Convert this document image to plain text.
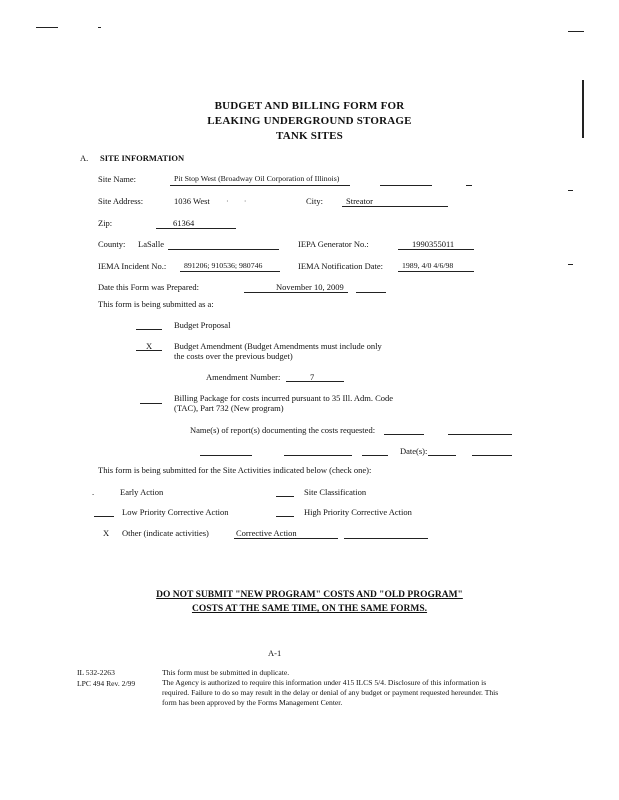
BUDGET AND BILLING FORM FOR
LEAKING UNDERGROUND STORAGE
TANK SITES
A. SITE INFORMATION
Site Name:	Pit Stop West (Broadway Oil Corporation of Illinois)
Site Address:	1036 West ·       ·	City:	Streator
Zip:	61364
County: LaSalle	IEPA Generator No.:	1990355011
IEMA Incident No.: 891206; 910536; 980746	IEMA Notification Date: 1989, 4/0 4/6/98
Date this Form was Prepared:	November 10, 2009
This form is being submitted as a:
Budget Proposal
X	Budget Amendment (Budget Amendments must include only the costs over the previous budget)
Amendment Number:	7
Billing Package for costs incurred pursuant to 35 Ill. Adm. Code (TAC), Part 732 (New program)
Name(s) of report(s) documenting the costs requested:
Date(s):
This form is being submitted for the Site Activities indicated below (check one):
.	Early Action	Site Classification
Low Priority Corrective Action	High Priority Corrective Action
X Other (indicate activities)	Corrective Action
DO NOT SUBMIT "NEW PROGRAM" COSTS AND "OLD PROGRAM"
COSTS AT THE SAME TIME, ON THE SAME FORMS.
A-1
IL 532-2263
LPC 494 Rev. 2/99
This form must be submitted in duplicate.
The Agency is authorized to require this information under 415 ILCS 5/4. Disclosure of this information is required. Failure to do so may result in the delay or denial of any budget or payment requested hereunder. This form has been approved by the Forms Management Center.
